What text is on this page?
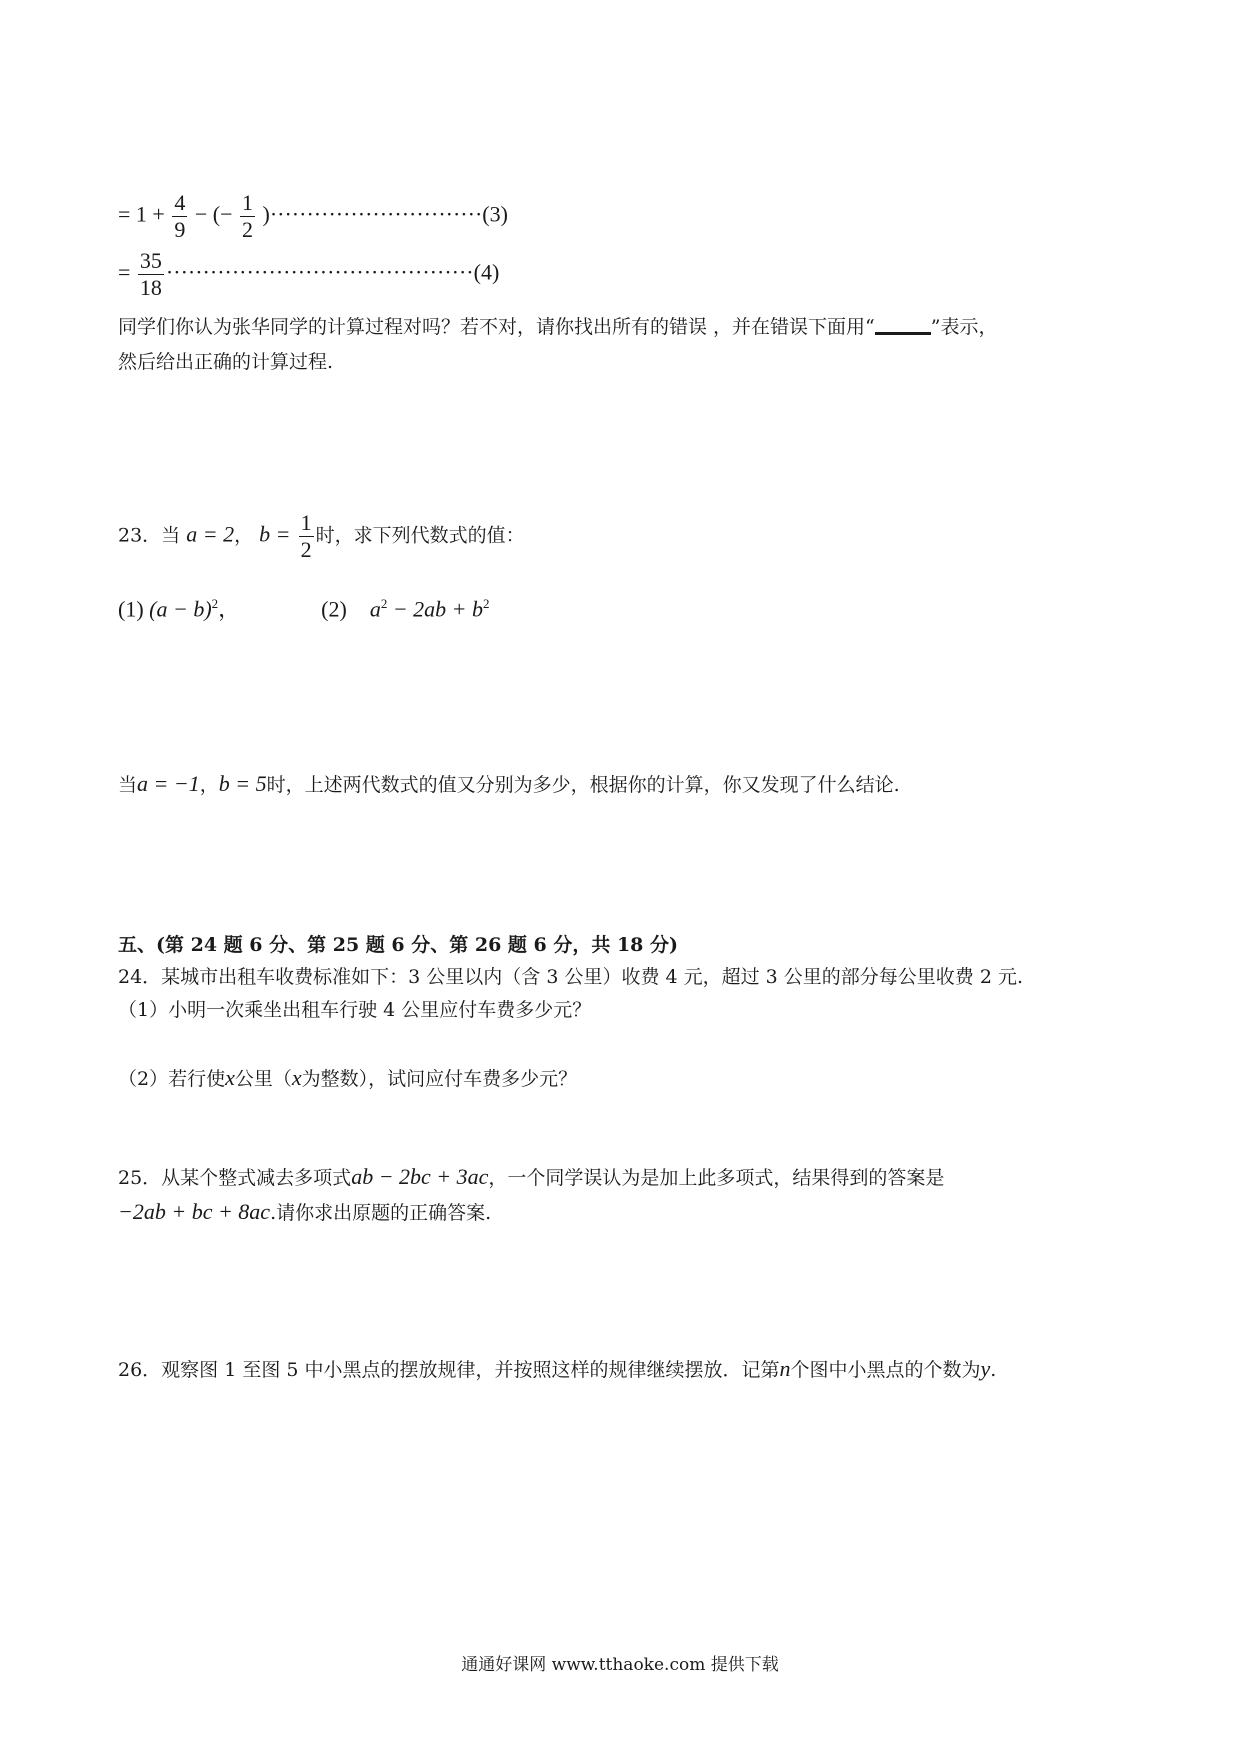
= $1 + \frac{4}{9}$ − (− $\frac{1}{2} )\cdot\cdot\cdot\cdot\cdot\cdot\cdot\cdot\cdot\cdot\cdot\cdot\cdot\cdot\cdot\cdot\cdot\cdot\cdot\cdot\cdot\cdot\cdot\cdot\cdot\cdot\cdot\cdot\cdot(3)$
= $\frac{35}{18} \cdot\cdot\cdot\cdot\cdot\cdot\cdot\cdot\cdot\cdot\cdot\cdot\cdot\cdot\cdot\cdot\cdot\cdot\cdot\cdot\cdot\cdot\cdot\cdot\cdot\cdot\cdot\cdot\cdot\cdot\cdot\cdot\cdot\cdot\cdot\cdot\cdot\cdot\cdot\cdot\cdot\cdot(4)$
同学们你认为张华同学的计算过程对吗？若不对，请你找出所有的错误 ，并在错误下面用“	”表示，
然后给出正确的计算过程.
23．当 a = 2， $b = \frac{1}{2}$ 时，求下列代数式的值：
(1) $(a - b)^2$，	(2) $a^2 - 2ab + b^2$
当a = −1，b = 5时，上述两代数式的值又分别为多少，根据你的计算，你又发现了什么结论.
五、(第 24 题 6 分、第 25 题 6 分、第 26 题 6 分，共 18 分)
24．某城市出租车收费标准如下：3 公里以内（含 3 公里）收费 4 元，超过 3 公里的部分每公里收费 2 元.
（1）小明一次乘坐出租车行驶 4 公里应付车费多少元？
（2）若行使x公里（x为整数），试问应付车费多少元？
25．从某个整式减去多项式ab − 2bc + 3ac，一个同学误认为是加上此多项式，结果得到的答案是
−2ab + bc + 8ac.请你求出原题的正确答案.
26．观察图 1 至图 5 中小黑点的摆放规律，并按照这样的规律继续摆放．记第n个图中小黑点的个数为y.
通通好课网 www.tthaoke.com 提供下载
